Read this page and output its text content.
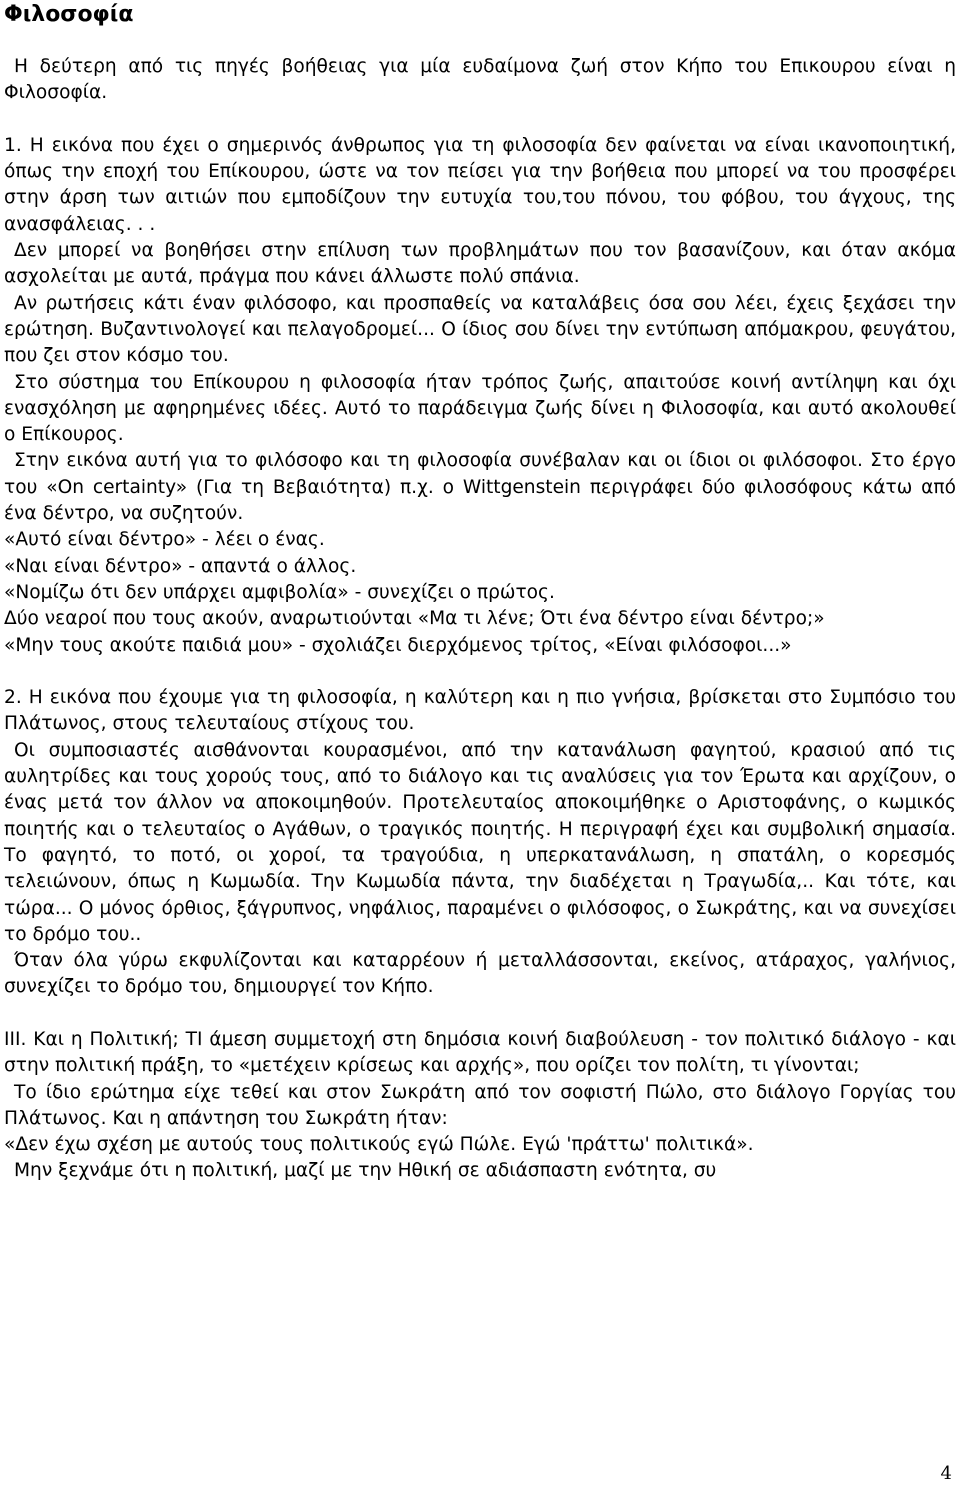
Φιλοσοφία

Η δεύτερη από τις πηγές βοήθειας για μία ευδαίμονα ζωή στον Κήπο του Επικουρου είναι η Φιλοσοφία.

1. Η εικόνα που έχει ο σημερινός άνθρωπος για τη φιλοσοφία δεν φαίνεται να είναι ικανοποιητική, όπως την εποχή του Επίκουρου, ώστε να τον πείσει για την βοήθεια που μπορεί να του προσφέρει στην άρση των αιτιών που εμποδίζουν την ευτυχία του,του πόνου, του φόβου, του άγχους, της ανασφάλειας. . .

Δεν μπορεί να βοηθήσει στην επίλυση των προβλημάτων που τον βασανίζουν, και όταν ακόμα ασχολείται με αυτά, πράγμα που κάνει άλλωστε πολύ σπάνια.

Αν ρωτήσεις κάτι έναν φιλόσοφο, και προσπαθείς να καταλάβεις όσα σου λέει, έχεις ξεχάσει την ερώτηση. Βυζαντινολογεί και πελαγοδρομεί... Ο ίδιος σου δίνει την εντύπωση απόμακρου, φευγάτου, που ζει στον κόσμο του.

Στο σύστημα του Επίκουρου η φιλοσοφία ήταν τρόπος ζωής, απαιτούσε κοινή αντίληψη και όχι ενασχόληση με αφηρημένες ιδέες. Αυτό το παράδειγμα ζωής δίνει η Φιλοσοφία, και αυτό ακολουθεί ο Επίκουρος.

Στην εικόνα αυτή για το φιλόσοφο και τη φιλοσοφία συνέβαλαν και οι ίδιοι οι φιλόσοφοι. Στο έργο του «On certainty» (Για τη Βεβαιότητα) π.χ. ο Wittgenstein περιγράφει δύο φιλοσόφους κάτω από ένα δέντρο, να συζητούν.

«Αυτό είναι δέντρο» - λέει ο ένας.

«Ναι είναι δέντρο» - απαντά ο άλλος.

«Νομίζω ότι δεν υπάρχει αμφιβολία» - συνεχίζει ο πρώτος.

Δύο νεαροί που τους ακούν, αναρωτιούνται «Μα τι λένε; Ότι ένα δέντρο είναι δέντρο;»

«Μην τους ακούτε παιδιά μου» - σχολιάζει διερχόμενος τρίτος, «Είναι φιλόσοφοι...»

2. Η εικόνα που έχουμε για τη φιλοσοφία, η καλύτερη και η πιο γνήσια, βρίσκεται στο Συμπόσιο του Πλάτωνος, στους τελευταίους στίχους του.

Οι συμποσιαστές αισθάνονται κουρασμένοι, από την κατανάλωση φαγητού, κρασιού από τις αυλητρίδες και τους χορούς τους, από το διάλογο και τις αναλύσεις για τον Έρωτα και αρχίζουν, ο ένας μετά τον άλλον να αποκοιμηθούν. Προτελευταίος αποκοιμήθηκε ο Αριστοφάνης, ο κωμικός ποιητής και ο τελευταίος ο Αγάθων, ο τραγικός ποιητής. Η περιγραφή έχει και συμβολική σημασία. Το φαγητό, το ποτό, οι χοροί, τα τραγούδια, η υπερκατανάλωση, η σπατάλη, ο κορεσμός τελειώνουν, όπως η Κωμωδία. Την Κωμωδία πάντα, την διαδέχεται η Τραγωδία,.. Και τότε, και τώρα... Ο μόνος όρθιος, ξάγρυπνος, νηφάλιος, παραμένει ο φιλόσοφος, ο Σωκράτης, και να συνεχίσει το δρόμο του..

Όταν όλα γύρω εκφυλίζονται και καταρρέουν ή μεταλλάσσονται, εκείνος, ατάραχος, γαλήνιος, συνεχίζει το δρόμο του, δημιουργεί τον Κήπο.

III. Και η Πολιτική; ΤΙ άμεση συμμετοχή στη δημόσια κοινή διαβούλευση - τον πολιτικό διάλογο - και στην πολιτική πράξη, το «μετέχειν κρίσεως και αρχής», που ορίζει τον πολίτη, τι γίνονται;

Το ίδιο ερώτημα είχε τεθεί και στον Σωκράτη από τον σοφιστή Πώλο, στο διάλογο Γοργίας του Πλάτωνος. Και η απάντηση του Σωκράτη ήταν:

«Δεν έχω σχέση με αυτούς τους πολιτικούς εγώ Πώλε. Εγώ 'πράττω' πολιτικά».

Μην ξεχνάμε ότι η πολιτική, μαζί με την Ηθική σε αδιάσπαστη ενότητα, συ

4
